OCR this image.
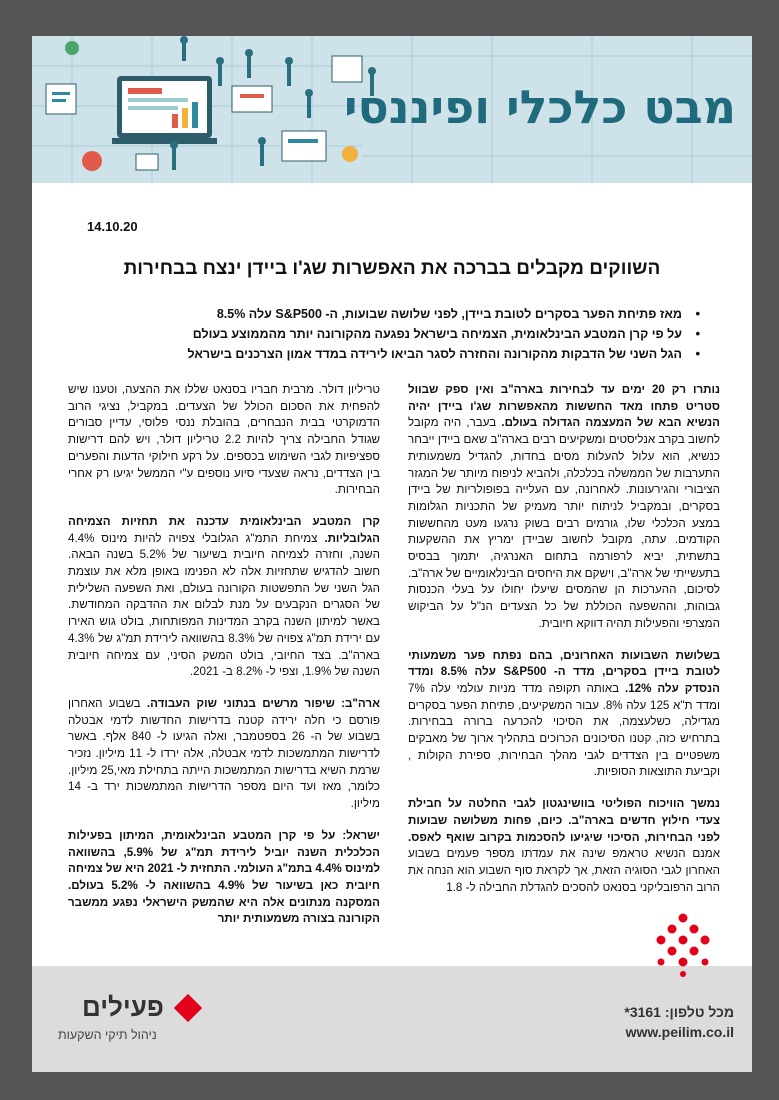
מבט כלכלי ופיננסי
14.10.20
השווקים מקבלים בברכה את האפשרות שג'ו ביידן ינצח בבחירות
•
מאז פתיחת הפער בסקרים לטובת ביידן, לפני שלושה שבועות, ה- S&P500 עלה 8.5%
•
על פי קרן המטבע הבינלאומית, הצמיחה בישראל נפגעה מהקורונה יותר מהממוצע בעולם
•
הגל השני של הדבקות מהקורונה והחזרה לסגר הביאו לירידה במדד אמון הצרכנים בישראל

נותרו רק 20 ימים עד לבחירות בארה"ב ואין ספק שבוול סטריט פתחו מאד החששות מהאפשרות שג'ו ביידן יהיה הנשיא הבא של המעצמה הגדולה בעולם. בעבר, היה מקובל לחשוב בקרב אנליסטים ומשקיעים רבים בארה"ב שאם ביידן ייבחר כנשיא, הוא עלול להעלות מסים בחדות, להגדיל משמעותית התערבות של הממשלה בכלכלה, ולהביא לניפוח מיותר של המגזר הציבורי והגירעונות. לאחרונה, עם העלייה בפופולריות של ביידן בסקרים, ובמקביל לניתוח יותר מעמיק של התכניות הגלומות במצע הכלכלי שלו, גורמים רבים בשוק נרגעו מעט מהחששות הקודמים. עתה, מקובל לחשוב שביידן ימריץ את ההשקעות בתשתית, יביא לרפורמה בתחום האנרגיה, יתמוך בבסיס בתעשייתי של ארה"ב, וישקם את היחסים הבינלאומיים של ארה"ב. לסיכום, ההערכות הן שהמסים שיעלו יחולו על בעלי הכנסות גבוהות, וההשפעה הכוללת של כל הצעדים הנ"ל על הביקוש המצרפי והפעילות תהיה דווקא חיובית.

בשלושת השבועות האחרונים, בהם נפתח פער משמעותי לטובת ביידן בסקרים, מדד ה- S&P500 עלה 8.5% ומדד הנסדק עלה 12%. באותה תקופה מדד מניות עולמי עלה 7% ומדד ת"א 125 עלה 8%. עבור המשקיעים, פתיחת הפער בסקרים מגדילה, כשלעצמה, את הסיכוי להכרעה ברורה בבחירות. בתרחיש כזה, קטנו הסיכונים הכרוכים בתהליך ארוך של מאבקים משפטיים בין הצדדים לגבי מהלך הבחירות, ספירת הקולות , וקביעת התוצאות הסופיות.

נמשך הוויכוח הפוליטי בוושינגטון לגבי החלטה על חבילת צעדי חילוץ חדשים בארה"ב. כיום, פחות משלושה שבועות לפני הבחירות, הסיכוי שיגיעו להסכמות בקרוב שואף לאפס. אמנם הנשיא טראמפ שינה את עמדתו מספר פעמים בשבוע האחרון לגבי הסוגיה הזאת, אך לקראת סוף השבוע הוא הנחה את הרוב הרפובליקני בסנאט להסכים להגדלת החבילה ל- 1.8

טריליון דולר. מרבית חבריו בסנאט שללו את ההצעה, וטענו שיש להפחית את הסכום הכולל של הצעדים. במקביל, נציגי הרוב הדמוקרטי בבית הנבחרים, בהובלת ננסי פלוסי, עדיין סבורים שגודל החבילה צריך להיות 2.2 טריליון דולר, ויש להם דרישות ספציפיות לגבי השימוש בכספים. על רקע חילוקי הדעות והפערים בין הצדדים, נראה שצעדי סיוע נוספים ע"י הממשל יגיעו רק אחרי הבחירות.

קרן המטבע הבינלאומית עדכנה את תחזיות הצמיחה הגלובליות. צמיחת התמ"ג הגלובלי צפויה להיות מינוס 4.4% השנה, וחזרה לצמיחה חיובית בשיעור של 5.2% בשנה הבאה. חשוב להדגיש שתחזיות אלה לא הפנימו באופן מלא את עוצמת הגל השני של התפשטות הקורונה בעולם, ואת השפעה השלילית של הסגרים הנקבעים על מנת לבלום את ההדבקה המחודשת. באשר למיתון השנה בקרב המדינות המפותחות, בולט גוש האירו עם ירידת תמ"ג צפויה של 8.3% בהשוואה לירידת תמ"ג של 4.3% בארה"ב. בצד החיובי, בולט המשק הסיני, עם צמיחה חיובית השנה של 1.9%, וצפי ל- 8.2% ב- 2021.

ארה"ב: שיפור מרשים בנתוני שוק העבודה. בשבוע האחרון פורסם כי חלה ירידה קטנה בדרישות החדשות לדמי אבטלה בשבוע של ה- 26 בספטמבר, ואלה הגיעו ל- 840 אלף. באשר לדרישות המתמשכות לדמי אבטלה, אלה ירדו ל- 11 מיליון. נזכיר שרמת השיא בדרישות המתמשכות הייתה בתחילת מאי,25 מיליון. כלומר, מאז ועד היום מספר הדרישות המתמשכות ירד ב- 14 מיליון.

ישראל: על פי קרן המטבע הבינלאומית, המיתון בפעילות הכלכלית השנה יוביל לירידת תמ"ג של 5.9%, בהשוואה למינוס 4.4% בתמ"ג העולמי. התחזית ל- 2021 היא של צמיחה חיובית כאן בשיעור של 4.9% בהשוואה ל- 5.2% בעולם. המסקנה מנתונים אלה היא שהמשק הישראלי נפגע ממשבר הקורונה בצורה משמעותית יותר

פעילים
ניהול תיקי השקעות
מכל טלפון: 3161*
www.peilim.co.il
